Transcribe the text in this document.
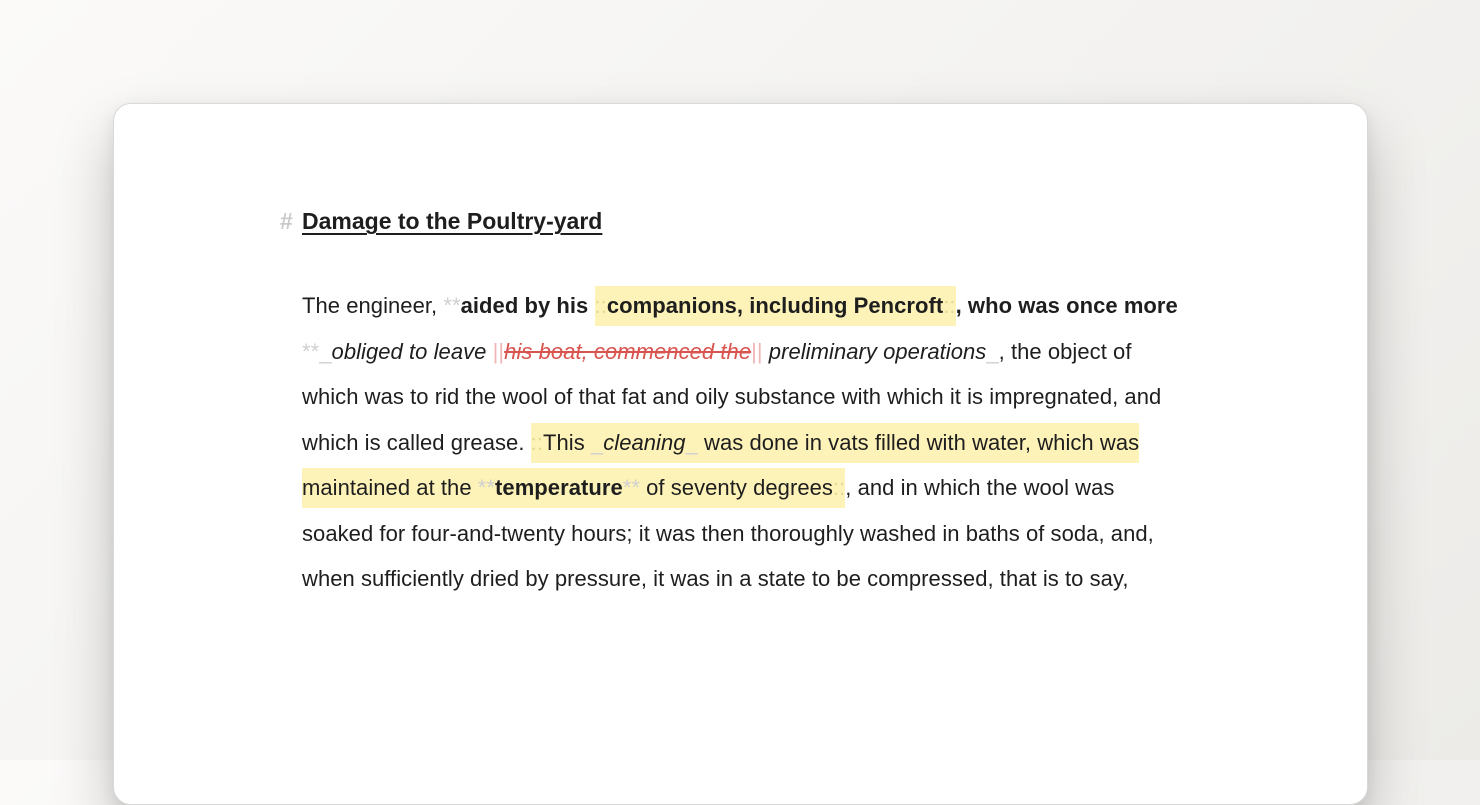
# Damage to the Poultry-yard

The engineer, **aided by his ::companions, including Pencroft::, who was once more **_obliged to leave ||his boat, commenced the|| preliminary operations_, the object of which was to rid the wool of that fat and oily substance with which it is impregnated, and which is called grease. ::This _cleaning_ was done in vats filled with water, which was maintained at the **temperature** of seventy degrees::, and in which the wool was soaked for four-and-twenty hours; it was then thoroughly washed in baths of soda, and, when sufficiently dried by pressure, it was in a state to be compressed, that is to say,
